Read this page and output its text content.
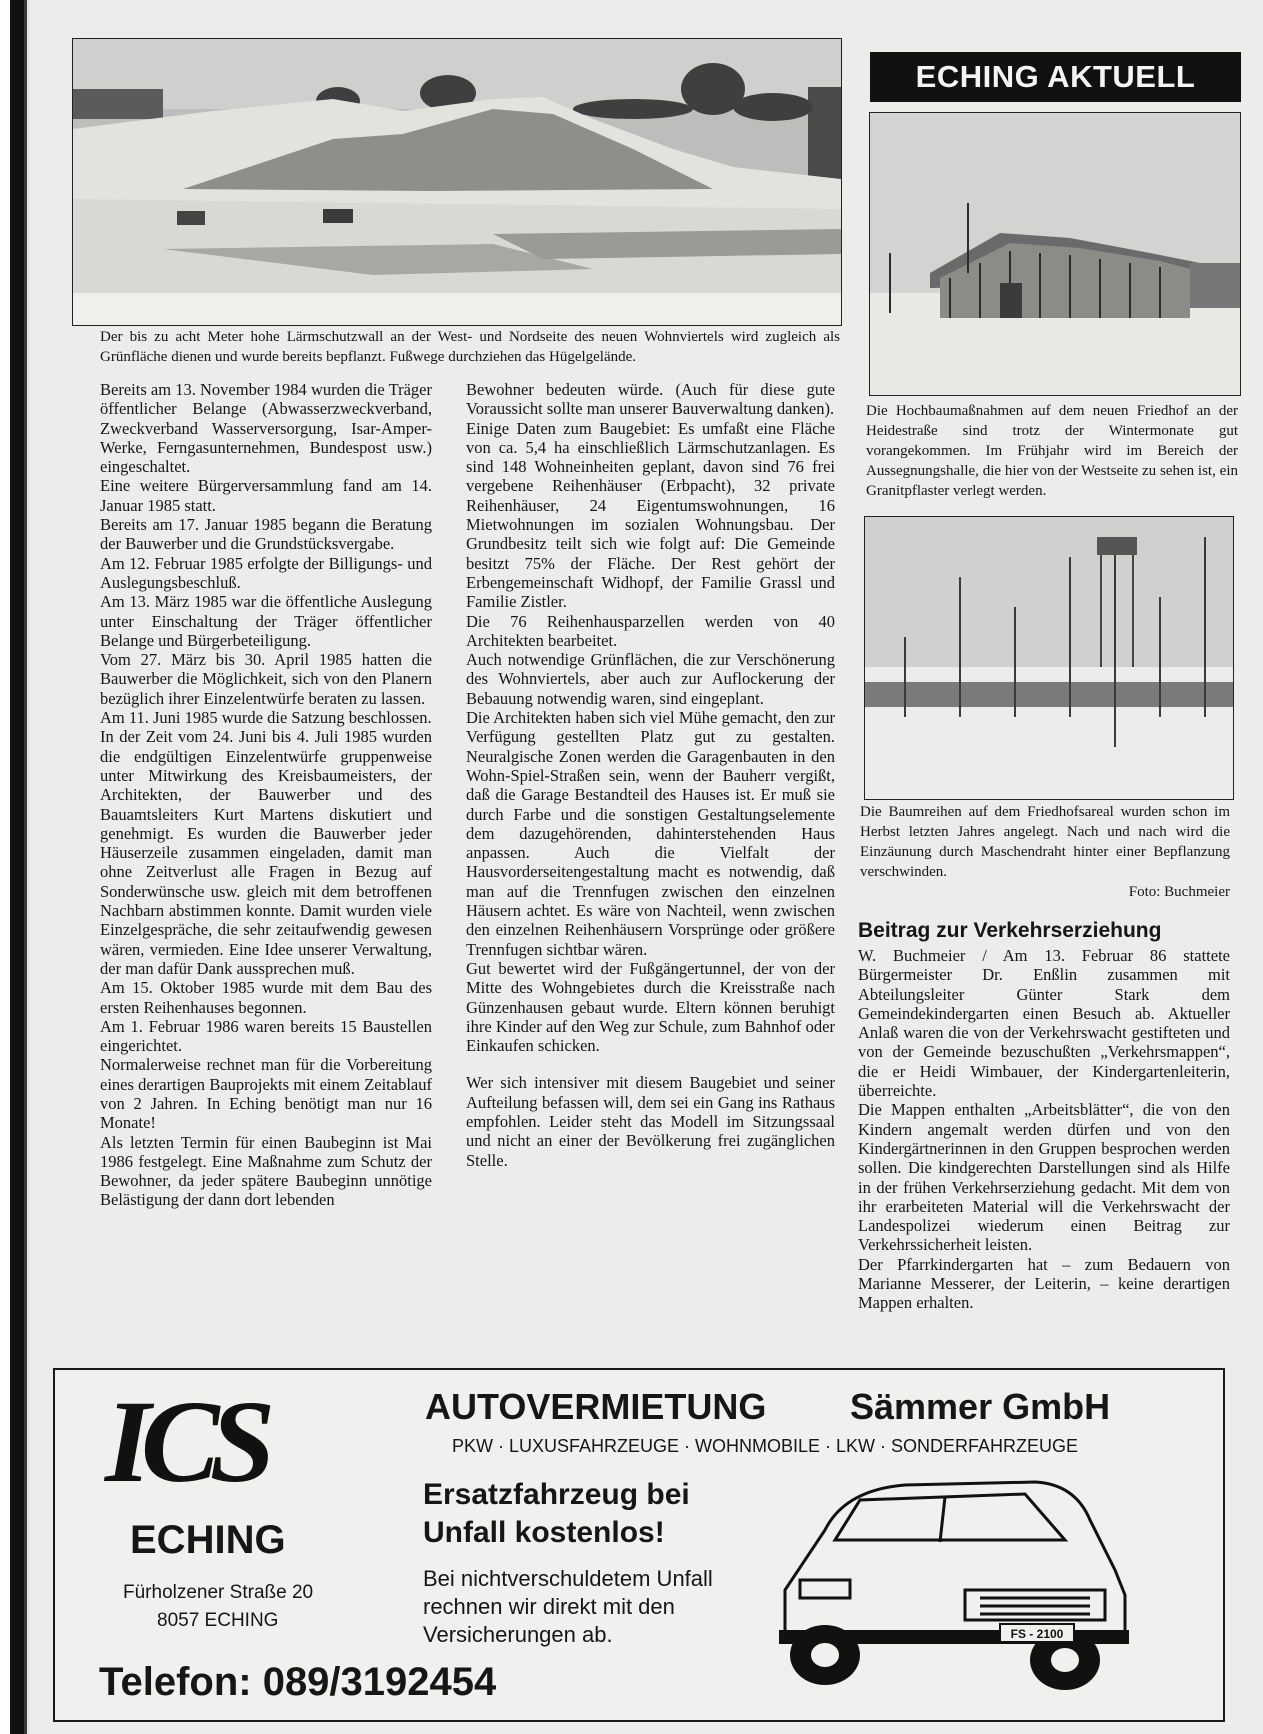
Der bis zu acht Meter hohe Lärmschutzwall an der West- und Nordseite des neuen Wohnviertels wird zugleich als Grünfläche dienen und wurde bereits bepflanzt. Fußwege durchziehen das Hügelgelände.

Bereits am 13. November 1984 wurden die Träger öffentlicher Belange (Abwasserzweckverband, Zweckverband Wasserversorgung, Isar-Amper-Werke, Ferngasunternehmen, Bundespost usw.) eingeschaltet.

Eine weitere Bürgerversammlung fand am 14. Januar 1985 statt.

Bereits am 17. Januar 1985 begann die Beratung der Bauwerber und die Grundstücksvergabe.

Am 12. Februar 1985 erfolgte der Billigungs- und Auslegungsbeschluß.

Am 13. März 1985 war die öffentliche Auslegung unter Einschaltung der Träger öffentlicher Belange und Bürgerbeteiligung.

Vom 27. März bis 30. April 1985 hatten die Bauwerber die Möglichkeit, sich von den Planern bezüglich ihrer Einzelentwürfe beraten zu lassen.

Am 11. Juni 1985 wurde die Satzung beschlossen.

In der Zeit vom 24. Juni bis 4. Juli 1985 wurden die endgültigen Einzelentwürfe gruppenweise unter Mitwirkung des Kreisbaumeisters, der Architekten, der Bauwerber und des Bauamtsleiters Kurt Martens diskutiert und genehmigt. Es wurden die Bauwerber jeder Häuserzeile zusammen eingeladen, damit man ohne Zeitverlust alle Fragen in Bezug auf Sonderwünsche usw. gleich mit dem betroffenen Nachbarn abstimmen konnte. Damit wurden viele Einzelgespräche, die sehr zeitaufwendig gewesen wären, vermieden. Eine Idee unserer Verwaltung, der man dafür Dank aussprechen muß.

Am 15. Oktober 1985 wurde mit dem Bau des ersten Reihenhauses begonnen.

Am 1. Februar 1986 waren bereits 15 Baustellen eingerichtet.

Normalerweise rechnet man für die Vorbereitung eines derartigen Bauprojekts mit einem Zeitablauf von 2 Jahren. In Eching benötigt man nur 16 Monate!

Als letzten Termin für einen Baubeginn ist Mai 1986 festgelegt. Eine Maßnahme zum Schutz der Bewohner, da jeder spätere Baubeginn unnötige Belästigung der dann dort lebenden

Bewohner bedeuten würde. (Auch für diese gute Voraussicht sollte man unserer Bauverwaltung danken).

Einige Daten zum Baugebiet: Es umfaßt eine Fläche von ca. 5,4 ha einschließlich Lärmschutzanlagen. Es sind 148 Wohneinheiten geplant, davon sind 76 frei vergebene Reihenhäuser (Erbpacht), 32 private Reihenhäuser, 24 Eigentumswohnungen, 16 Mietwohnungen im sozialen Wohnungsbau. Der Grundbesitz teilt sich wie folgt auf: Die Gemeinde besitzt 75% der Fläche. Der Rest gehört der Erbengemeinschaft Widhopf, der Familie Grassl und Familie Zistler.

Die 76 Reihenhausparzellen werden von 40 Architekten bearbeitet.

Auch notwendige Grünflächen, die zur Verschönerung des Wohnviertels, aber auch zur Auflockerung der Bebauung notwendig waren, sind eingeplant.

Die Architekten haben sich viel Mühe gemacht, den zur Verfügung gestellten Platz gut zu gestalten. Neuralgische Zonen werden die Garagenbauten in den Wohn-Spiel-Straßen sein, wenn der Bauherr vergißt, daß die Garage Bestandteil des Hauses ist. Er muß sie durch Farbe und die sonstigen Gestaltungselemente dem dazugehörenden, dahinterstehenden Haus anpassen. Auch die Vielfalt der Hausvorderseitengestaltung macht es notwendig, daß man auf die Trennfugen zwischen den einzelnen Häusern achtet. Es wäre von Nachteil, wenn zwischen den einzelnen Reihenhäusern Vorsprünge oder größere Trennfugen sichtbar wären.

Gut bewertet wird der Fußgängertunnel, der von der Mitte des Wohngebietes durch die Kreisstraße nach Günzenhausen gebaut wurde. Eltern können beruhigt ihre Kinder auf den Weg zur Schule, zum Bahnhof oder Einkaufen schicken.

Wer sich intensiver mit diesem Baugebiet und seiner Aufteilung befassen will, dem sei ein Gang ins Rathaus empfohlen. Leider steht das Modell im Sitzungssaal und nicht an einer der Bevölkerung frei zugänglichen Stelle.

ECHING AKTUELL
Die Hochbaumaßnahmen auf dem neuen Friedhof an der Heidestraße sind trotz der Wintermonate gut vorangekommen. Im Frühjahr wird im Bereich der Aussegnungshalle, die hier von der Westseite zu sehen ist, ein Granitpflaster verlegt werden.
Die Baumreihen auf dem Friedhofsareal wurden schon im Herbst letzten Jahres angelegt. Nach und nach wird die Einzäunung durch Maschendraht hinter einer Bepflanzung verschwinden.
Foto: Buchmeier
Beitrag zur Verkehrserziehung

W. Buchmeier / Am 13. Februar 86 stattete Bürgermeister Dr. Enßlin zusammen mit Abteilungsleiter Günter Stark dem Gemeindekindergarten einen Besuch ab. Aktueller Anlaß waren die von der Verkehrswacht gestifteten und von der Gemeinde bezuschußten „Verkehrsmappen“, die er Heidi Wimbauer, der Kindergartenleiterin, überreichte.

Die Mappen enthalten „Arbeitsblätter“, die von den Kindern angemalt werden dürfen und von den Kindergärtnerinnen in den Gruppen besprochen werden sollen. Die kindgerechten Darstellungen sind als Hilfe in der frühen Verkehrserziehung gedacht. Mit dem von ihr erarbeiteten Material will die Verkehrswacht der Landespolizei wiederum einen Beitrag zur Verkehrssicherheit leisten.

Der Pfarrkindergarten hat – zum Bedauern von Marianne Messerer, der Leiterin, – keine derartigen Mappen erhalten.

ICS
ECHING
Fürholzener Straße 20
8057 ECHING
Telefon: 089/3192454
AUTOVERMIETUNG Sämmer GmbH
PKW · LUXUSFAHRZEUGE · WOHNMOBILE · LKW · SONDERFAHRZEUGE
Ersatzfahrzeug bei
Unfall kostenlos!
Bei nichtverschuldetem Unfall
rechnen wir direkt mit den
Versicherungen ab.	FS - 2100
